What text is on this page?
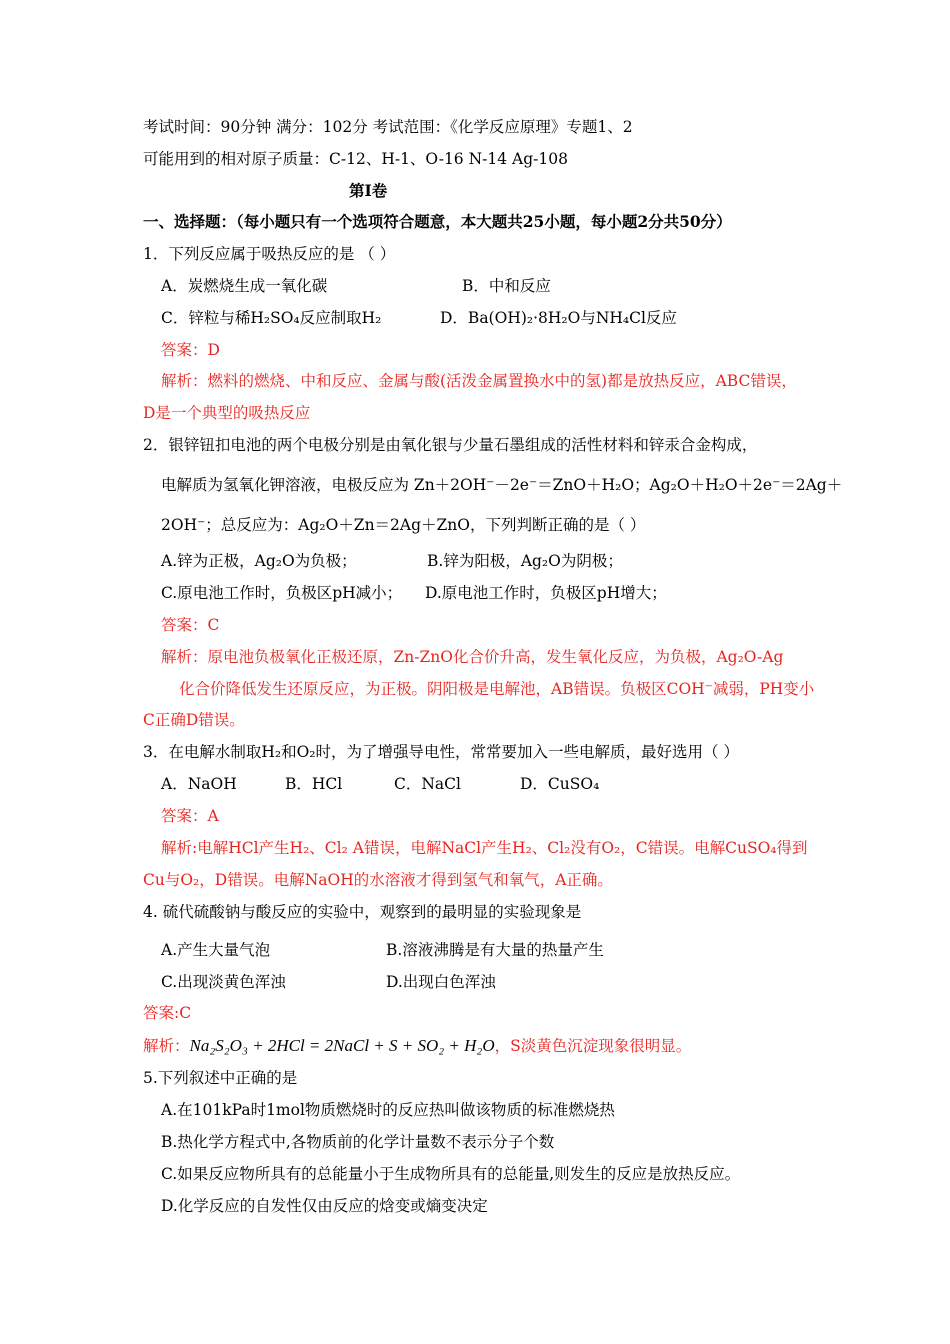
考试时间：90分钟 满分：102分 考试范围：《化学反应原理》专题1、2
可能用到的相对原子质量：C-12、H-1、O-16 N-14 Ag-108
第Ⅰ卷
一、选择题：（每小题只有一个选项符合题意，本大题共25小题，每小题2分共50分）
1．下列反应属于吸热反应的是 （ ）
A．炭燃烧生成一氧化碳	B．中和反应
C．锌粒与稀H₂SO₄反应制取H₂	D．Ba(OH)₂·8H₂O与NH₄Cl反应
答案：D
解析：燃料的燃烧、中和反应、金属与酸(活泼金属置换水中的氢)都是放热反应，ABC错误，
D是一个典型的吸热反应
2．银锌钮扣电池的两个电极分别是由氧化银与少量石墨组成的活性材料和锌汞合金构成，
电解质为氢氧化钾溶液，电极反应为 Zn＋2OH⁻－2e⁻＝ZnO＋H₂O；Ag₂O＋H₂O＋2e⁻＝2Ag＋
2OH⁻；总反应为：Ag₂O＋Zn＝2Ag＋ZnO，下列判断正确的是（ ）
A.锌为正极，Ag₂O为负极；	B.锌为阳极，Ag₂O为阴极；
C.原电池工作时，负极区pH减小； D.原电池工作时，负极区pH增大；
答案：C
解析：原电池负极氧化正极还原，Zn-ZnO化合价升高，发生氧化反应，为负极，Ag₂O-Ag
化合价降低发生还原反应，为正极。阴阳极是电解池，AB错误。负极区COH⁻减弱，PH变小
C正确D错误。
3．在电解水制取H₂和O₂时，为了增强导电性，常常要加入一些电解质，最好选用（ ）
A．NaOH	B．HCl	C．NaCl	D．CuSO₄
答案：A
解析:电解HCl产生H₂、Cl₂ A错误，电解NaCl产生H₂、Cl₂没有O₂，C错误。电解CuSO₄得到
Cu与O₂，D错误。电解NaOH的水溶液才得到氢气和氧气，A正确。
4. 硫代硫酸钠与酸反应的实验中，观察到的最明显的实验现象是
A.产生大量气泡	B.溶液沸腾是有大量的热量产生
C.出现淡黄色浑浊	D.出现白色浑浊
答案:C
解析：Na₂S₂O₃ + 2HCl = 2NaCl + S + SO₂ + H₂O，S淡黄色沉淀现象很明显。
5.下列叙述中正确的是
A.在101kPa时1mol物质燃烧时的反应热叫做该物质的标准燃烧热
B.热化学方程式中,各物质前的化学计量数不表示分子个数
C.如果反应物所具有的总能量小于生成物所具有的总能量,则发生的反应是放热反应。
D.化学反应的自发性仅由反应的焓变或熵变决定
